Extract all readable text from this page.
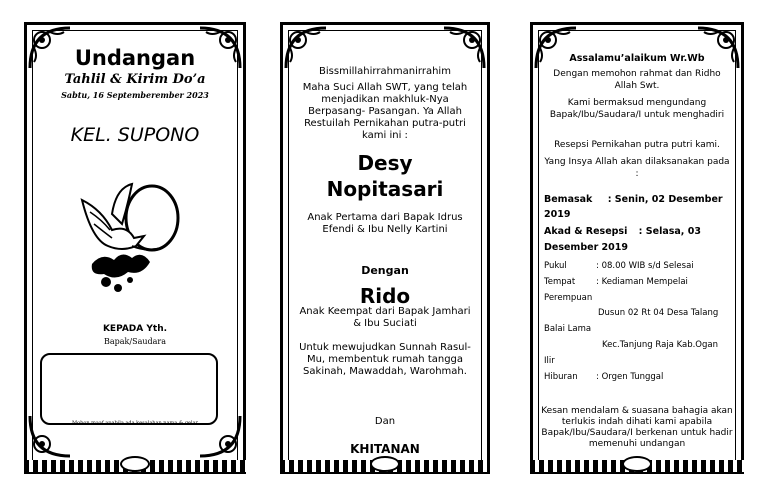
Undangan
Tahlil & Kirim Do’a
Sabtu, 16 Septemberember 2023
KEL. SUPONO
KEPADA Yth.
Bapak/Saudara
Mohon maaf apabila ada kesalahan nama & gelar
Bissmillahirrahmanirrahim
Maha Suci Allah SWT, yang telah menjadikan makhluk-Nya Berpasang- Pasangan. Ya Allah Restuilah Pernikahan putra-putri kami ini :
Desy Nopitasari
Anak Pertama dari Bapak Idrus Efendi & Ibu Nelly Kartini
Dengan
Rido
Anak Keempat dari Bapak Jamhari & Ibu Suciati
Untuk mewujudkan Sunnah Rasul-Mu, membentuk rumah tangga Sakinah, Mawaddah, Warohmah.
Dan
KHITANAN
Assalamu’alaikum Wr.Wb
Dengan memohon rahmat dan Ridho Allah Swt.
Kami bermaksud mengundang Bapak/Ibu/Saudara/I untuk menghadiri
Resepsi Pernikahan putra putri kami.
Yang Insya Allah akan dilaksanakan pada :
Bemasak : Senin, 02 Desember
2019
Akad & Resepsi : Selasa, 03
Desember 2019
Pukul	: 08.00 WIB s/d Selesai
Tempat : Kediaman Mempelai
Perempuan
Dusun 02 Rt 04 Desa Talang
Balai Lama
Kec.Tanjung Raja Kab.Ogan
Ilir
Hiburan : Orgen Tunggal
Kesan mendalam & suasana bahagia akan terlukis indah dihati kami apabila Bapak/Ibu/Saudara/I berkenan untuk hadir memenuhi undangan
